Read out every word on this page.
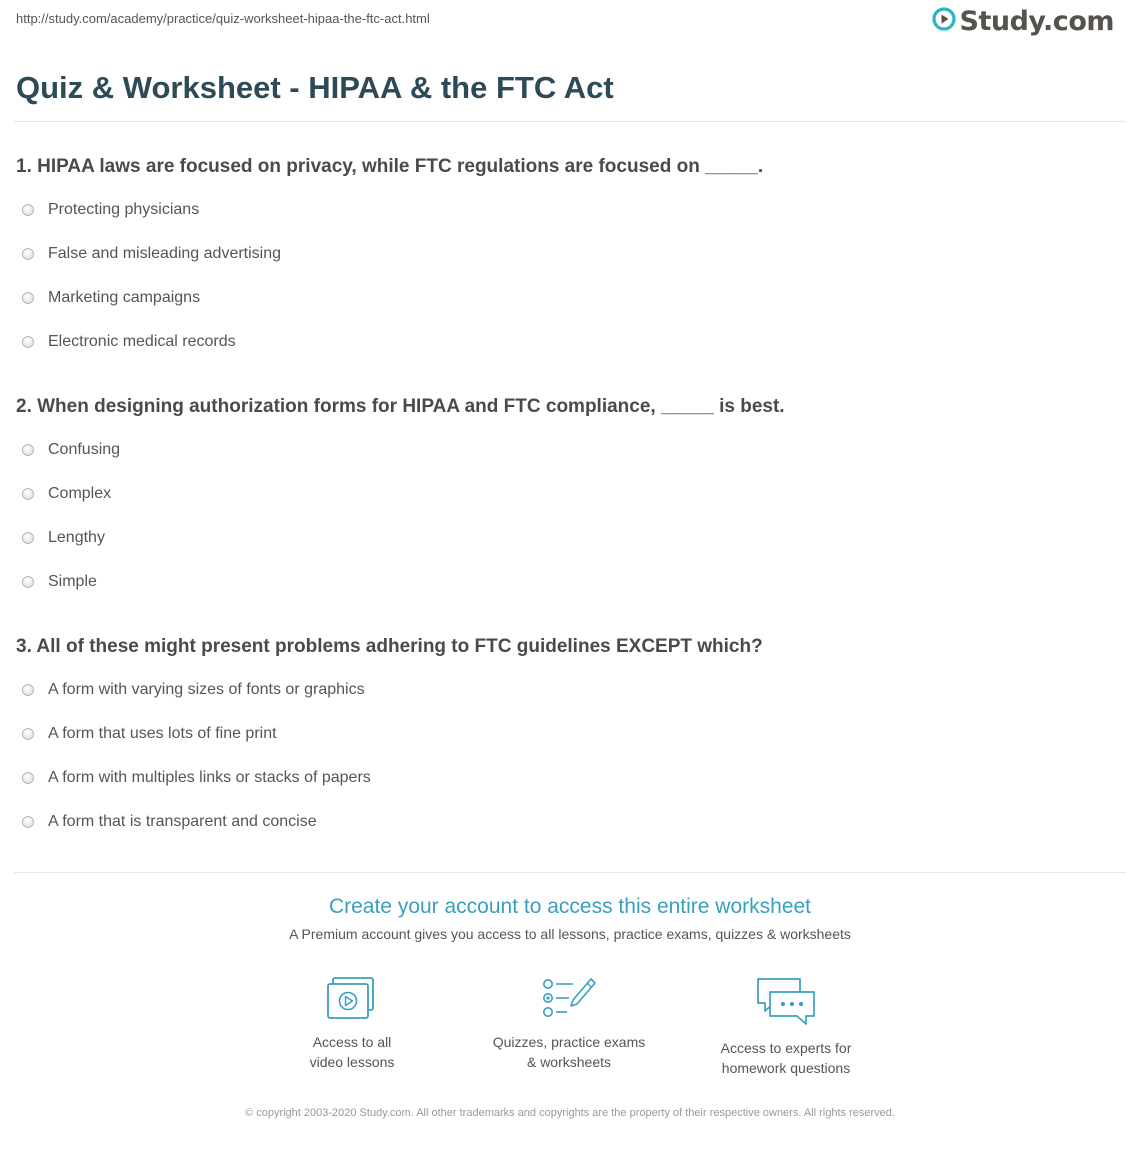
http://study.com/academy/practice/quiz-worksheet-hipaa-the-ftc-act.html	Study.com
Quiz & Worksheet - HIPAA & the FTC Act
1. HIPAA laws are focused on privacy, while FTC regulations are focused on _____.
Protecting physicians
False and misleading advertising
Marketing campaigns
Electronic medical records
2. When designing authorization forms for HIPAA and FTC compliance, _____ is best.
Confusing
Complex
Lengthy
Simple
3. All of these might present problems adhering to FTC guidelines EXCEPT which?
A form with varying sizes of fonts or graphics
A form that uses lots of fine print
A form with multiples links or stacks of papers
A form that is transparent and concise
Create your account to access this entire worksheet
A Premium account gives you access to all lessons, practice exams, quizzes & worksheets
Access to all
video lessons
Quizzes, practice exams
& worksheets
Access to experts for
homework questions
© copyright 2003-2020 Study.com. All other trademarks and copyrights are the property of their respective owners. All rights reserved.
